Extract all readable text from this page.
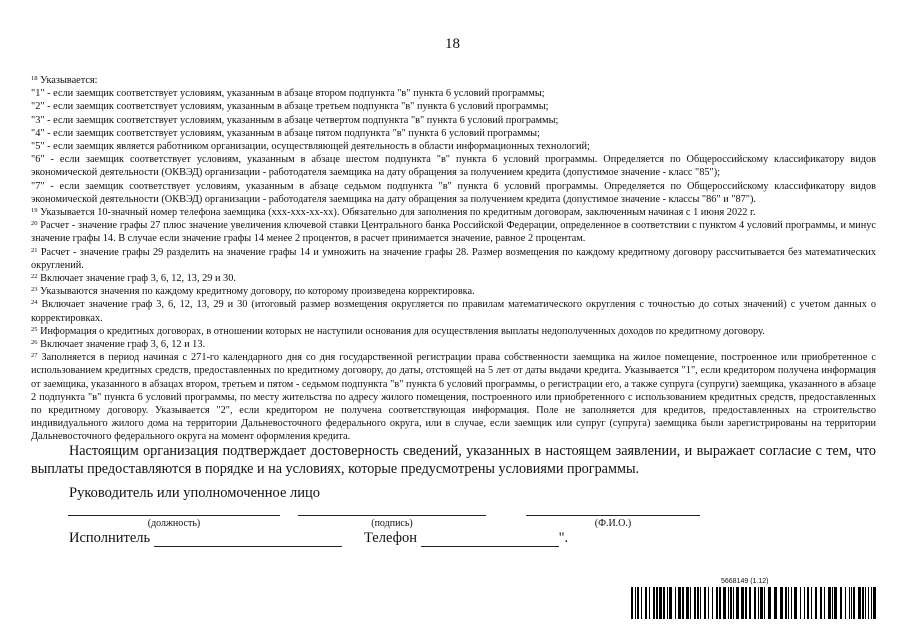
18
$^{18}$ Указывается:
"1" - если заемщик соответствует условиям, указанным в абзаце втором подпункта "в" пункта 6 условий программы;
"2" - если заемщик соответствует условиям, указанным в абзаце третьем подпункта "в" пункта 6 условий программы;
"3" - если заемщик соответствует условиям, указанным в абзаце четвертом подпункта "в" пункта 6 условий программы;
"4" - если заемщик соответствует условиям, указанным в абзаце пятом подпункта "в" пункта 6 условий программы;
"5" - если заемщик является работником организации, осуществляющей деятельность в области информационных технологий;
"6" - если заемщик соответствует условиям, указанным в абзаце шестом подпункта "в" пункта 6 условий программы. Определяется по Общероссийскому классификатору видов экономической деятельности (ОКВЭД) организации - работодателя заемщика на дату обращения за получением кредита (допустимое значение - класс "85");
"7" - если заемщик соответствует условиям, указанным в абзаце седьмом подпункта "в" пункта 6 условий программы. Определяется по Общероссийскому классификатору видов экономической деятельности (ОКВЭД) организации - работодателя заемщика на дату обращения за получением кредита (допустимое значение - классы "86" и "87").
$^{19}$ Указывается 10-значный номер телефона заемщика (ххх-ххх-хх-хх). Обязательно для заполнения по кредитным договорам, заключенным начиная с 1 июня 2022 г.
$^{20}$ Расчет - значение графы 27 плюс значение увеличения ключевой ставки Центрального банка Российской Федерации, определенное в соответствии с пунктом 4 условий программы, и минус значение графы 14. В случае если значение графы 14 менее 2 процентов, в расчет принимается значение, равное 2 процентам.
$^{21}$ Расчет - значение графы 29 разделить на значение графы 14 и умножить на значение графы 28. Размер возмещения по каждому кредитному договору рассчитывается без математических округлений.
$^{22}$ Включает значение граф 3, 6, 12, 13, 29 и 30.
$^{23}$ Указываются значения по каждому кредитному договору, по которому произведена корректировка.
$^{24}$ Включает значение граф 3, 6, 12, 13, 29 и 30 (итоговый размер возмещения округляется по правилам математического округления с точностью до сотых значений) с учетом данных о корректировках.
$^{25}$ Информация о кредитных договорах, в отношении которых не наступили основания для осуществления выплаты недополученных доходов по кредитному договору.
$^{26}$ Включает значение граф 3, 6, 12 и 13.
$^{27}$ Заполняется в период начиная с 271-го календарного дня со дня государственной регистрации права собственности заемщика на жилое помещение, построенное или приобретенное с использованием кредитных средств, предоставленных по кредитному договору, до даты, отстоящей на 5 лет от даты выдачи кредита. Указывается "1", если кредитором получена информация от заемщика, указанного в абзацах втором, третьем и пятом - седьмом подпункта "в" пункта 6 условий программы, о регистрации его, а также супруга (супруги) заемщика, указанного в абзаце 2 подпункта "в" пункта 6 условий программы, по месту жительства по адресу жилого помещения, построенного или приобретенного с использованием кредитных средств, предоставленных по кредитному договору. Указывается "2", если кредитором не получена соответствующая информация. Поле не заполняется для кредитов, предоставленных на строительство индивидуального жилого дома на территории Дальневосточного федерального округа, или в случае, если заемщик или супруг (супруга) заемщика были зарегистрированы на территории Дальневосточного федерального округа на момент оформления кредита.
Настоящим организация подтверждает достоверность сведений, указанных в настоящем заявлении, и выражает согласие с тем, что выплаты предоставляются в порядке и на условиях, которые предусмотрены условиями программы.
Руководитель или уполномоченное лицо
(должность)	(подпись)	(Ф.И.О.)
Исполнитель	Телефон	".
5668149 (1.12)
